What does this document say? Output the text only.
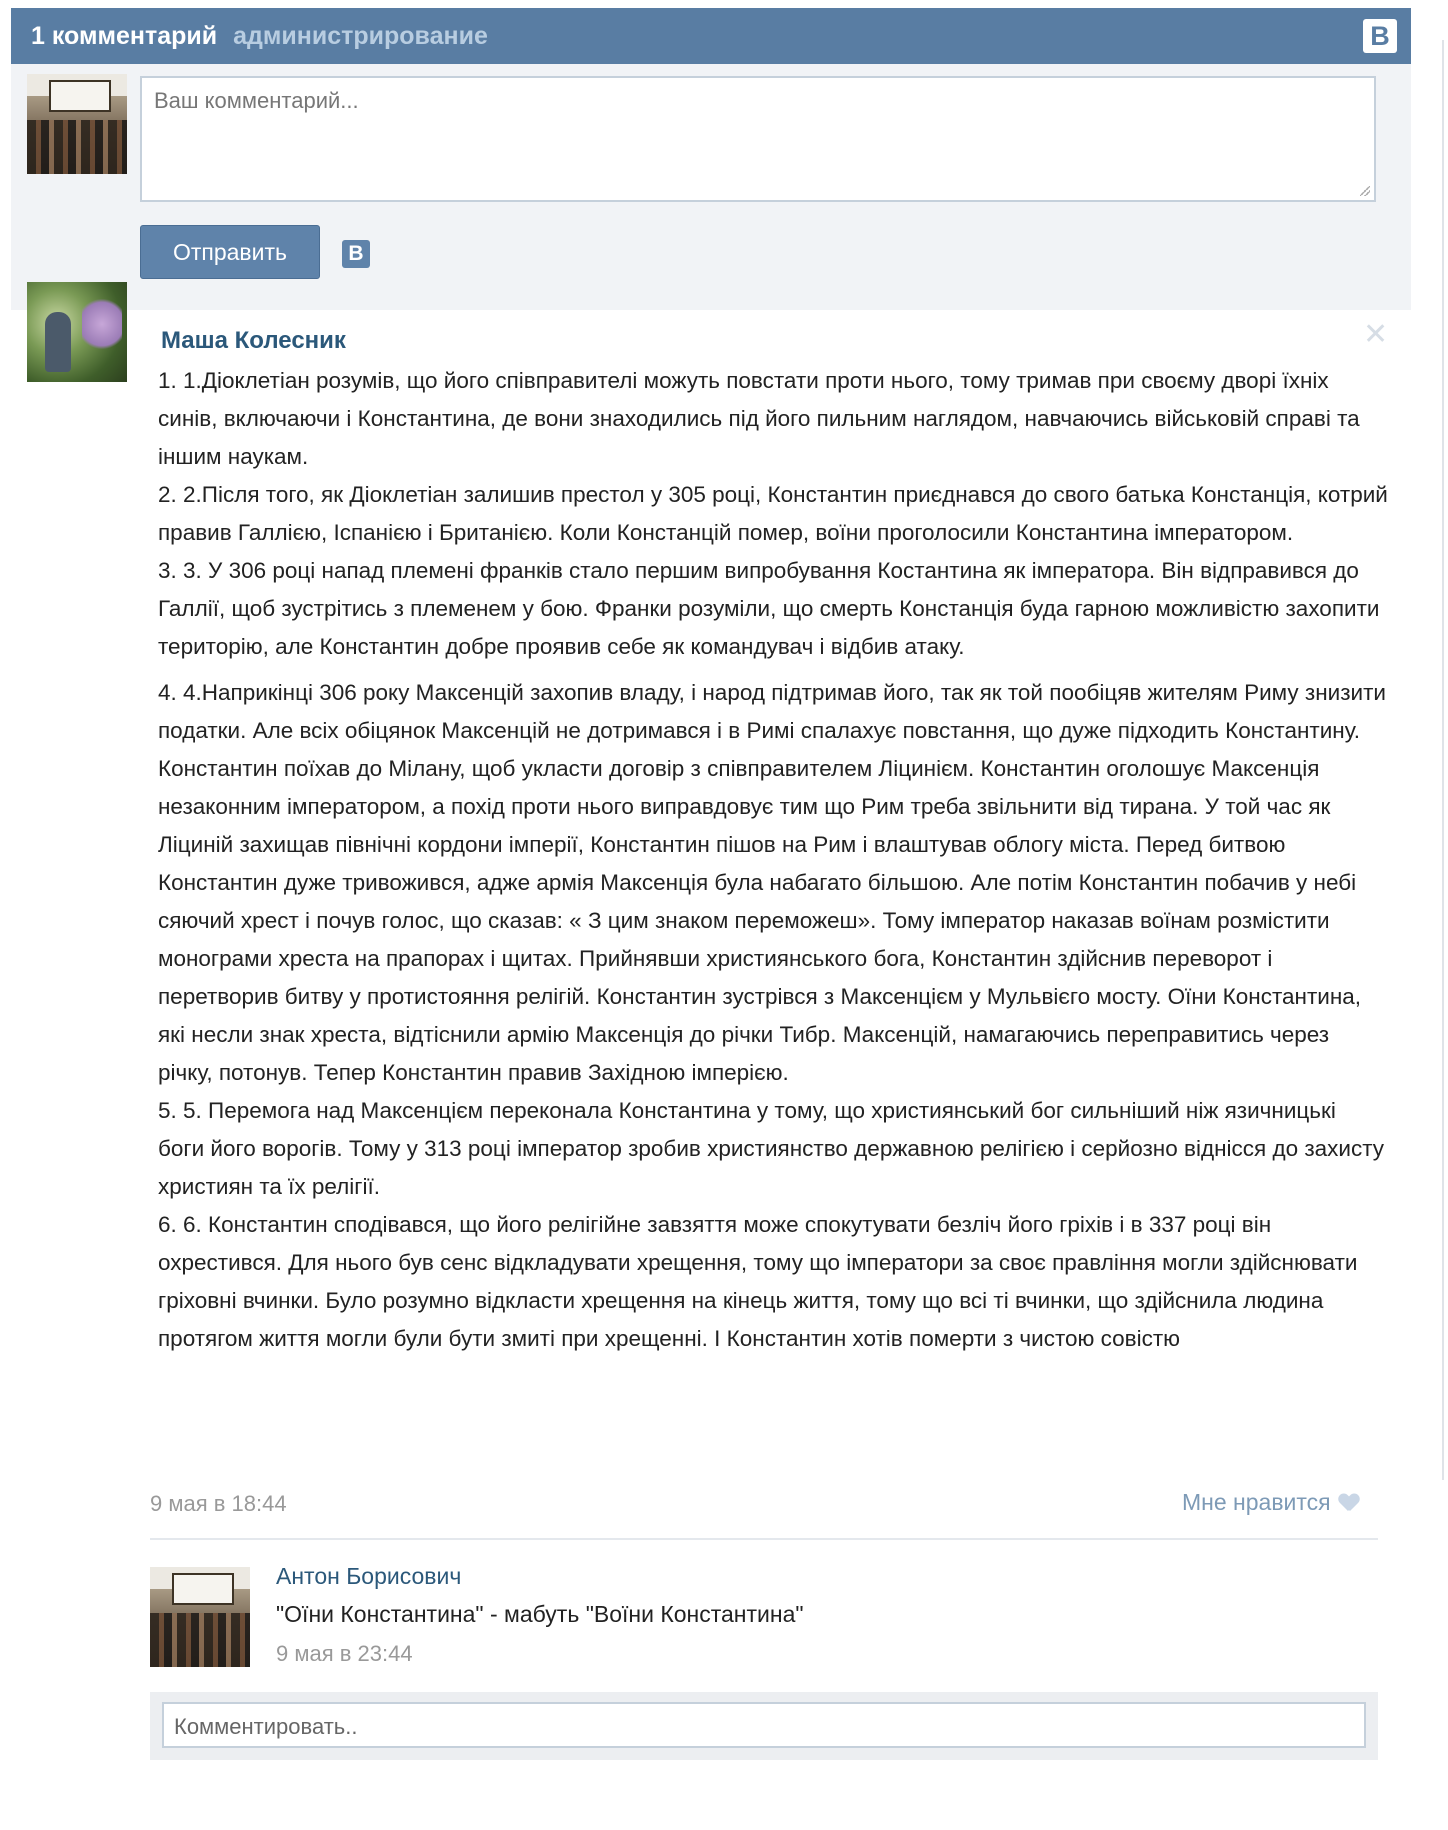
1 комментарий администрирование	В
Ваш комментарий...
Отправить	В
Маша Колесник	✕

1. 1.Діоклетіан розумів, що його співправителі можуть повстати проти нього, тому тримав при своєму дворі їхніх синів, включаючи і Константина, де вони знаходились під його пильним наглядом, навчаючись військовій справі та іншим наукам.

2. 2.Після того, як Діоклетіан залишив престол у 305 році, Константин приєднався до свого батька Констанція, котрий правив Галлією, Іспанією і Британією. Коли Констанцій помер, воїни проголосили Константина імператором.

3. 3. У 306 році напад племені франків стало першим випробування Костантина як імператора. Він відправився до Галлії, щоб зустрітись з племенем у бою. Франки розуміли, що смерть Констанція буда гарною можливістю захопити територію, але Константин добре проявив себе як командувач і відбив атаку.

4. 4.Наприкінці 306 року Максенцій захопив владу, і народ підтримав його, так як той пообіцяв жителям Риму знизити податки. Але всіх обіцянок Максенцій не дотримався і в Римі спалахує повстання, що дуже підходить Константину. Константин поїхав до Мілану, щоб укласти договір з співправителем Ліцинієм. Константин оголошує Максенція незаконним імператором, а похід проти нього виправдовує тим що Рим треба звільнити від тирана. У той час як Ліциній захищав північні кордони імперії, Константин пішов на Рим і влаштував облогу міста. Перед битвою Константин дуже тривожився, адже армія Максенція була набагато більшою. Але потім Константин побачив у небі сяючий хрест і почув голос, що сказав: « З цим знаком переможеш». Тому імператор наказав воїнам розмістити монограми хреста на прапорах і щитах. Прийнявши християнського бога, Константин здійснив переворот і перетворив битву у протистояння релігій. Константин зустрівся з Максенцієм у Мульвієго мосту. Оїни Константина, які несли знак хреста, відтіснили армію Максенція до річки Тибр. Максенцій, намагаючись переправитись через річку, потонув. Тепер Константин правив Західною імперією.

5. 5. Перемога над Максенцієм переконала Константина у тому, що християнський бог сильніший ніж язичницькі боги його ворогів. Тому у 313 році імператор зробив християнство державною релігією і серйозно віднісся до захисту християн та їх релігії.

6. 6. Константин сподівався, що його релігійне завзяття може спокутувати безліч його гріхів і в 337 році він охрестився. Для нього був сенс відкладувати хрещення, тому що імператори за своє правління могли здійснювати гріховні вчинки. Було розумно відкласти хрещення на кінець життя, тому що всі ті вчинки, що здійснила людина протягом життя могли були бути змиті при хрещенні. І Константин хотів померти з чистою совістю

9 мая в 18:44	Мне нравится
Антон Борисович
"Оїни Константина" - мабуть "Воїни Константина"
9 мая в 23:44
Комментировать..
